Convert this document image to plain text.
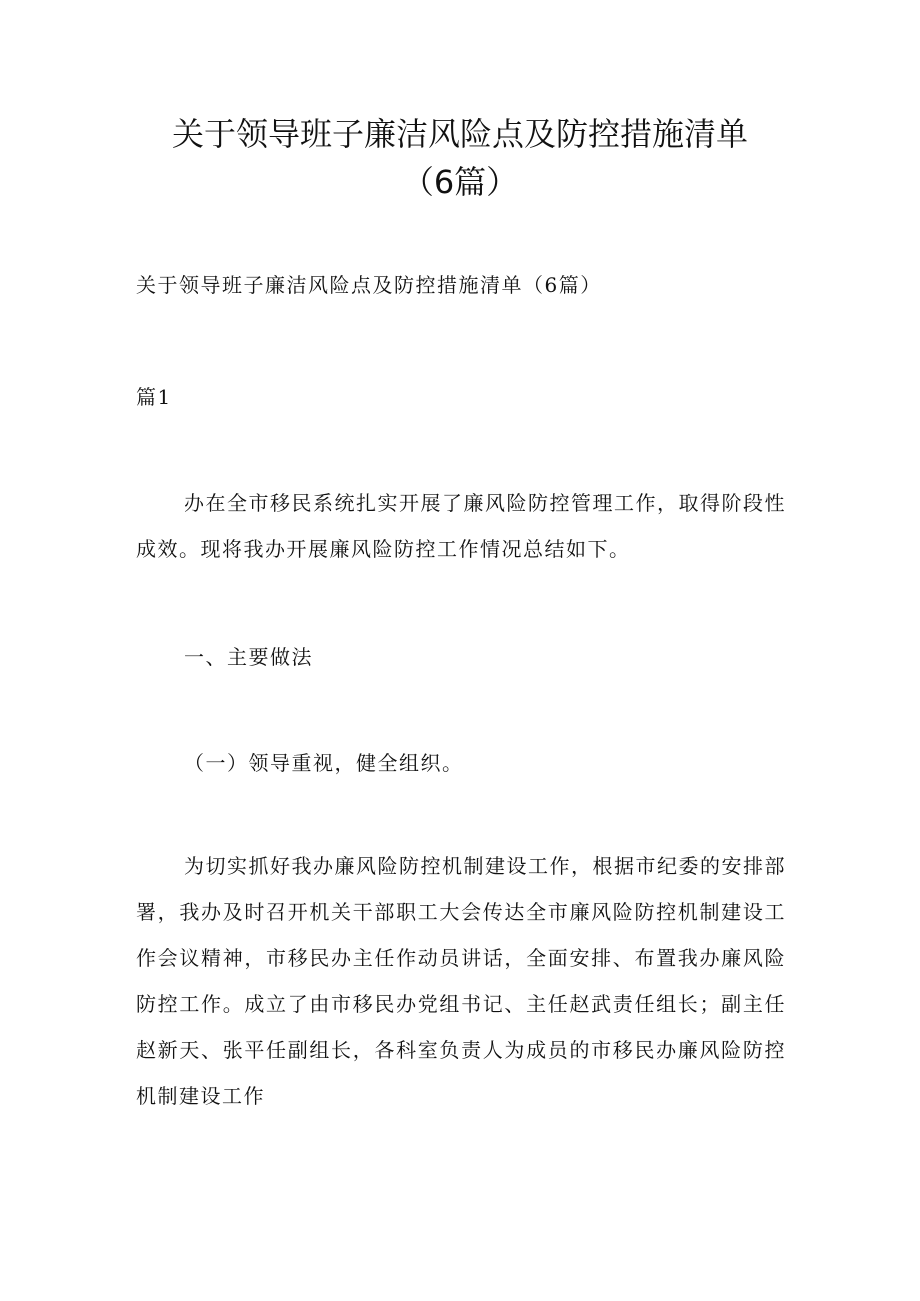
关于领导班子廉洁风险点及防控措施清单
（6篇）

关于领导班子廉洁风险点及防控措施清单（6篇）

篇1

办在全市移民系统扎实开展了廉风险防控管理工作，取得阶段性成效。现将我办开展廉风险防控工作情况总结如下。

一、主要做法

（一）领导重视，健全组织。

为切实抓好我办廉风险防控机制建设工作，根据市纪委的安排部署，我办及时召开机关干部职工大会传达全市廉风险防控机制建设工作会议精神，市移民办主任作动员讲话，全面安排、布置我办廉风险防控工作。成立了由市移民办党组书记、主任赵武责任组长；副主任赵新天、张平任副组长，各科室负责人为成员的市移民办廉风险防控机制建设工作
